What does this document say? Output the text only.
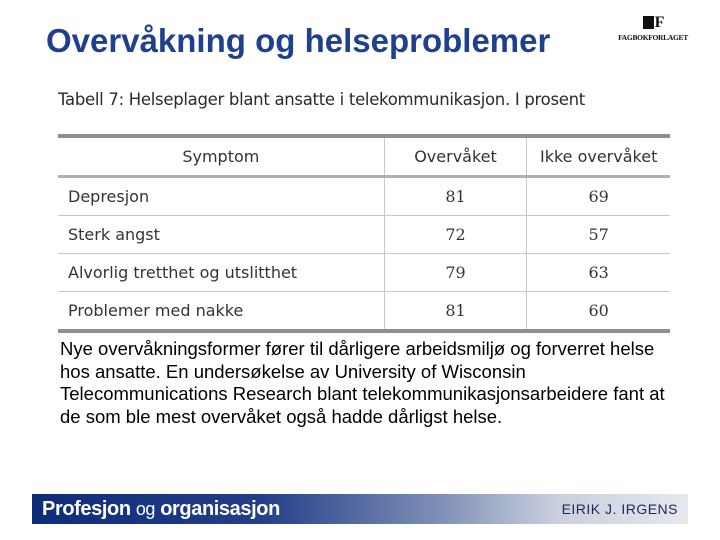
Overvåkning og helseproblemer	F
FAGBOKFORLAGET
Tabell 7: Helseplager blant ansatte i telekommunikasjon. I prosent
Symptom	Overvåket	Ikke overvåket
Depresjon	81	69
Sterk angst	72	57
Alvorlig tretthet og utslitthet	79	63
Problemer med nakke	81	60
Nye overvåkningsformer fører til dårligere arbeidsmiljø og forverret helse hos ansatte. En undersøkelse av University of Wisconsin Telecommunications Research blant telekommunikasjonsarbeidere fant at de som ble mest overvåket også hadde dårligst helse.
Profesjon og organisasjon	EIRIK J. IRGENS
